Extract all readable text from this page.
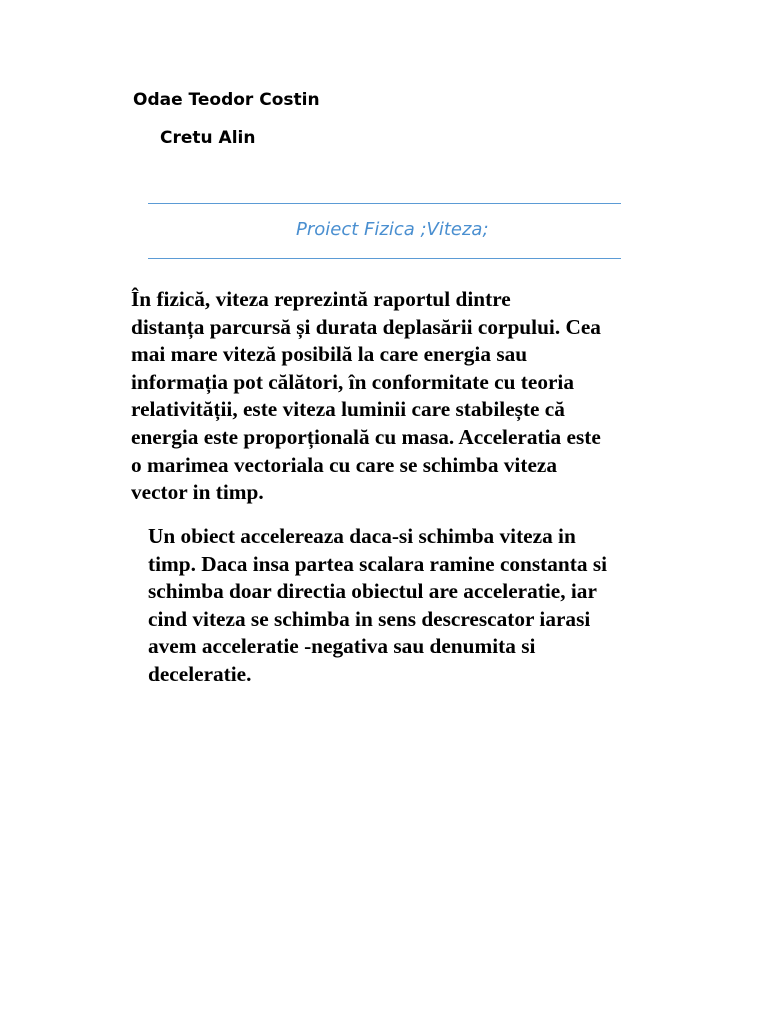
Odae Teodor Costin
Cretu Alin
Proiect Fizica ;Viteza;
În fizică, viteza reprezintă raportul dintre
distanța parcursă și durata deplasării corpului. Cea
mai mare viteză posibilă la care energia sau
informația pot călători, în conformitate cu teoria
relativității, este viteza luminii care stabilește că
energia este proporțională cu masa. Acceleratia este
o marimea vectoriala cu care se schimba viteza
vector in timp.
Un obiect accelereaza daca-si schimba viteza in
timp. Daca insa partea scalara ramine constanta si
schimba doar directia obiectul are acceleratie, iar
cind viteza se schimba in sens descrescator iarasi
avem acceleratie -negativa sau denumita si
deceleratie.
